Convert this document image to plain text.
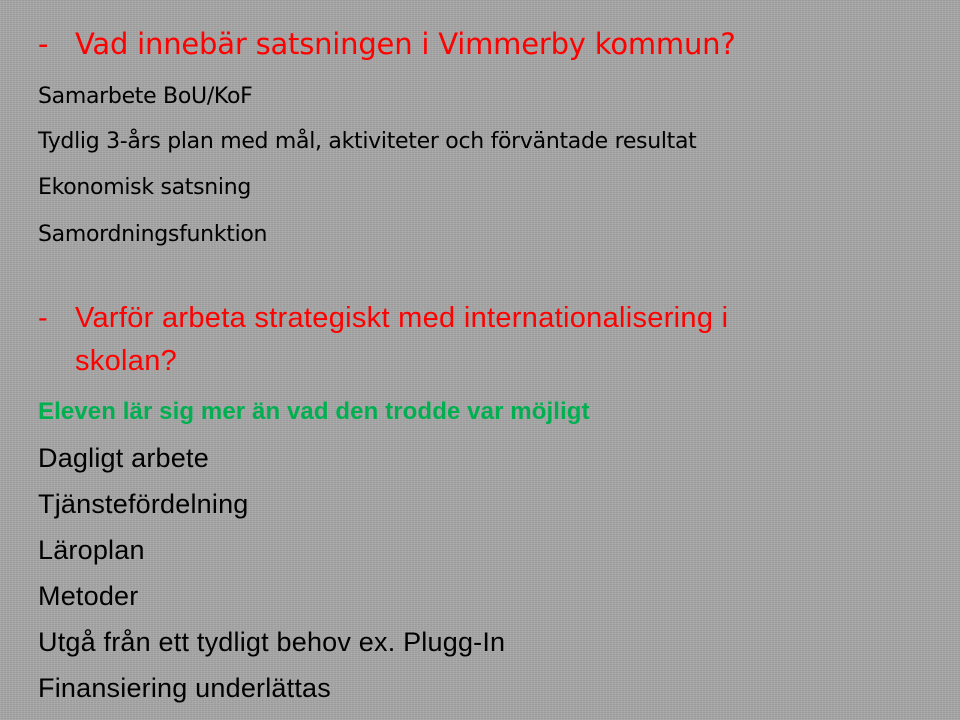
- Vad innebär satsningen i Vimmerby kommun?

Samarbete BoU/KoF

Tydlig 3-års plan med mål, aktiviteter och förväntade resultat

Ekonomisk satsning

Samordningsfunktion

- Varför arbeta strategiskt med internationalisering i

skolan?

Eleven lär sig mer än vad den trodde var möjligt

Dagligt arbete

Tjänstefördelning

Läroplan

Metoder

Utgå från ett tydligt behov ex. Plugg-In

Finansiering underlättas
